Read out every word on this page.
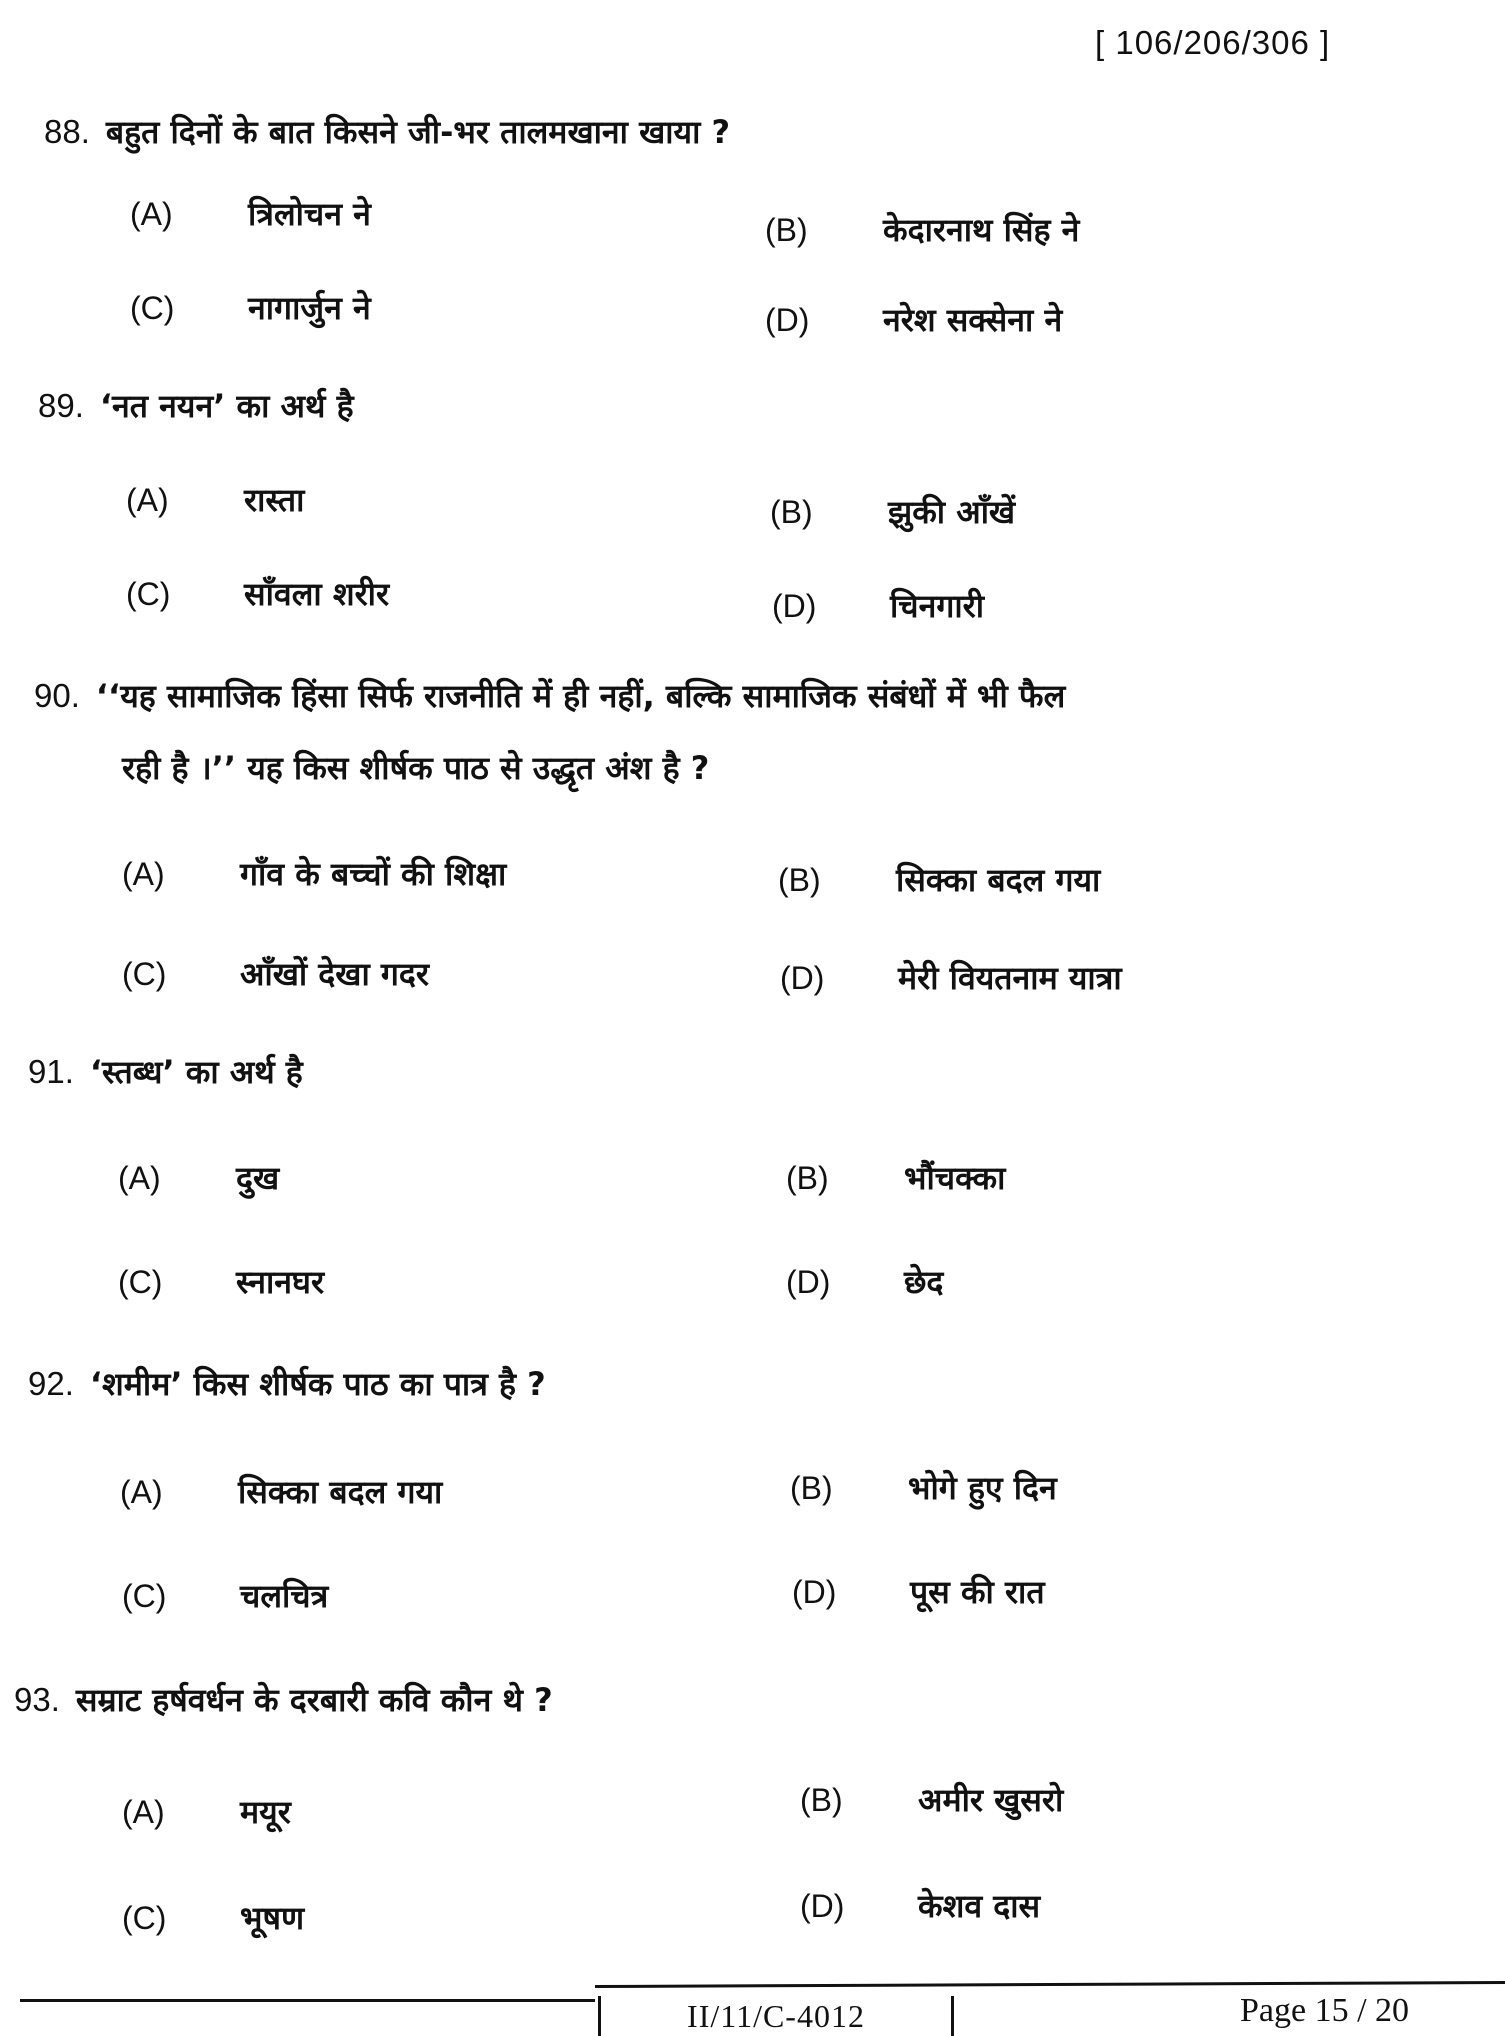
[ 106/206/306 ]
88. बहुत दिनों के बात किसने जी-भर तालमखाना खाया ?
(A) त्रिलोचन ने	(B) केदारनाथ सिंह ने
(C) नागार्जुन ने	(D) नरेश सक्सेना ने
89. ‘नत नयन’ का अर्थ है
(A) रास्ता	(B) झुकी आँखें
(C) साँवला शरीर	(D) चिनगारी
90. ‘‘यह सामाजिक हिंसा सिर्फ राजनीति में ही नहीं, बल्कि सामाजिक संबंधों में भी फैल
रही है ।’’ यह किस शीर्षक पाठ से उद्धृत अंश है ?
(A) गाँव के बच्चों की शिक्षा	(B) सिक्का बदल गया
(C) आँखों देखा गदर	(D) मेरी वियतनाम यात्रा
91. ‘स्तब्ध’ का अर्थ है
(A) दुख	(B) भौंचक्का
(C) स्नानघर	(D) छेद
92. ‘शमीम’ किस शीर्षक पाठ का पात्र है ?
(A) सिक्का बदल गया	(B) भोगे हुए दिन
(C) चलचित्र	(D) पूस की रात
93. सम्राट हर्षवर्धन के दरबारी कवि कौन थे ?
(A) मयूर	(B) अमीर खुसरो
(C) भूषण	(D) केशव दास
II/11/C-4012	Page 15 / 20
